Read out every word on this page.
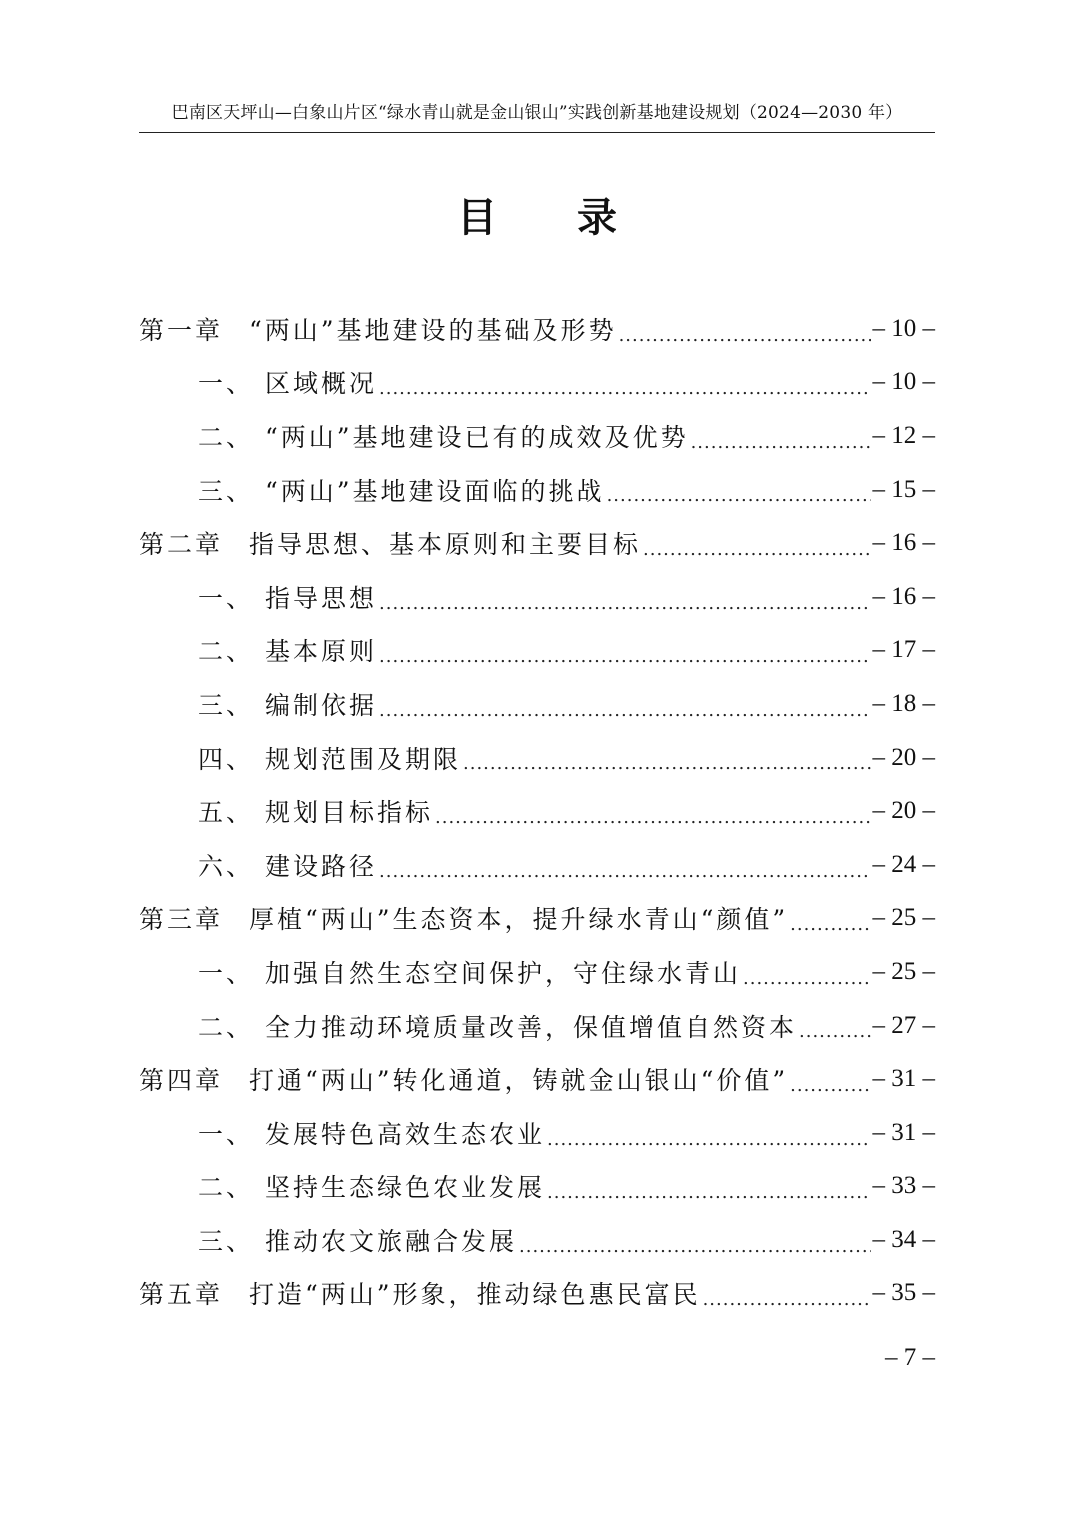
巴南区天坪山—白象山片区“绿水青山就是金山银山”实践创新基地建设规划（2024—2030 年）
目　　录
第一章	“两山”基地建设的基础及形势 .....	– 10 –
一、 区域概况 .....	– 10 –
二、 “两山”基地建设已有的成效及优势 .....	– 12 –
三、 “两山”基地建设面临的挑战 .....	– 15 –
第二章	指导思想、基本原则和主要目标 .....	– 16 –
一、 指导思想 .....	– 16 –
二、 基本原则 .....	– 17 –
三、 编制依据 .....	– 18 –
四、 规划范围及期限 .....	– 20 –
五、 规划目标指标 .....	– 20 –
六、 建设路径 .....	– 24 –
第三章	厚植“两山”生态资本，提升绿水青山“颜值” .....	– 25 –
一、 加强自然生态空间保护，守住绿水青山 .....	– 25 –
二、 全力推动环境质量改善，保值增值自然资本 .....	– 27 –
第四章	打通“两山”转化通道，铸就金山银山“价值” .....	– 31 –
一、 发展特色高效生态农业 .....	– 31 –
二、 坚持生态绿色农业发展 .....	– 33 –
三、 推动农文旅融合发展 .....	– 34 –
第五章	打造“两山”形象，推动绿色惠民富民 .....	– 35 –
– 7 –
